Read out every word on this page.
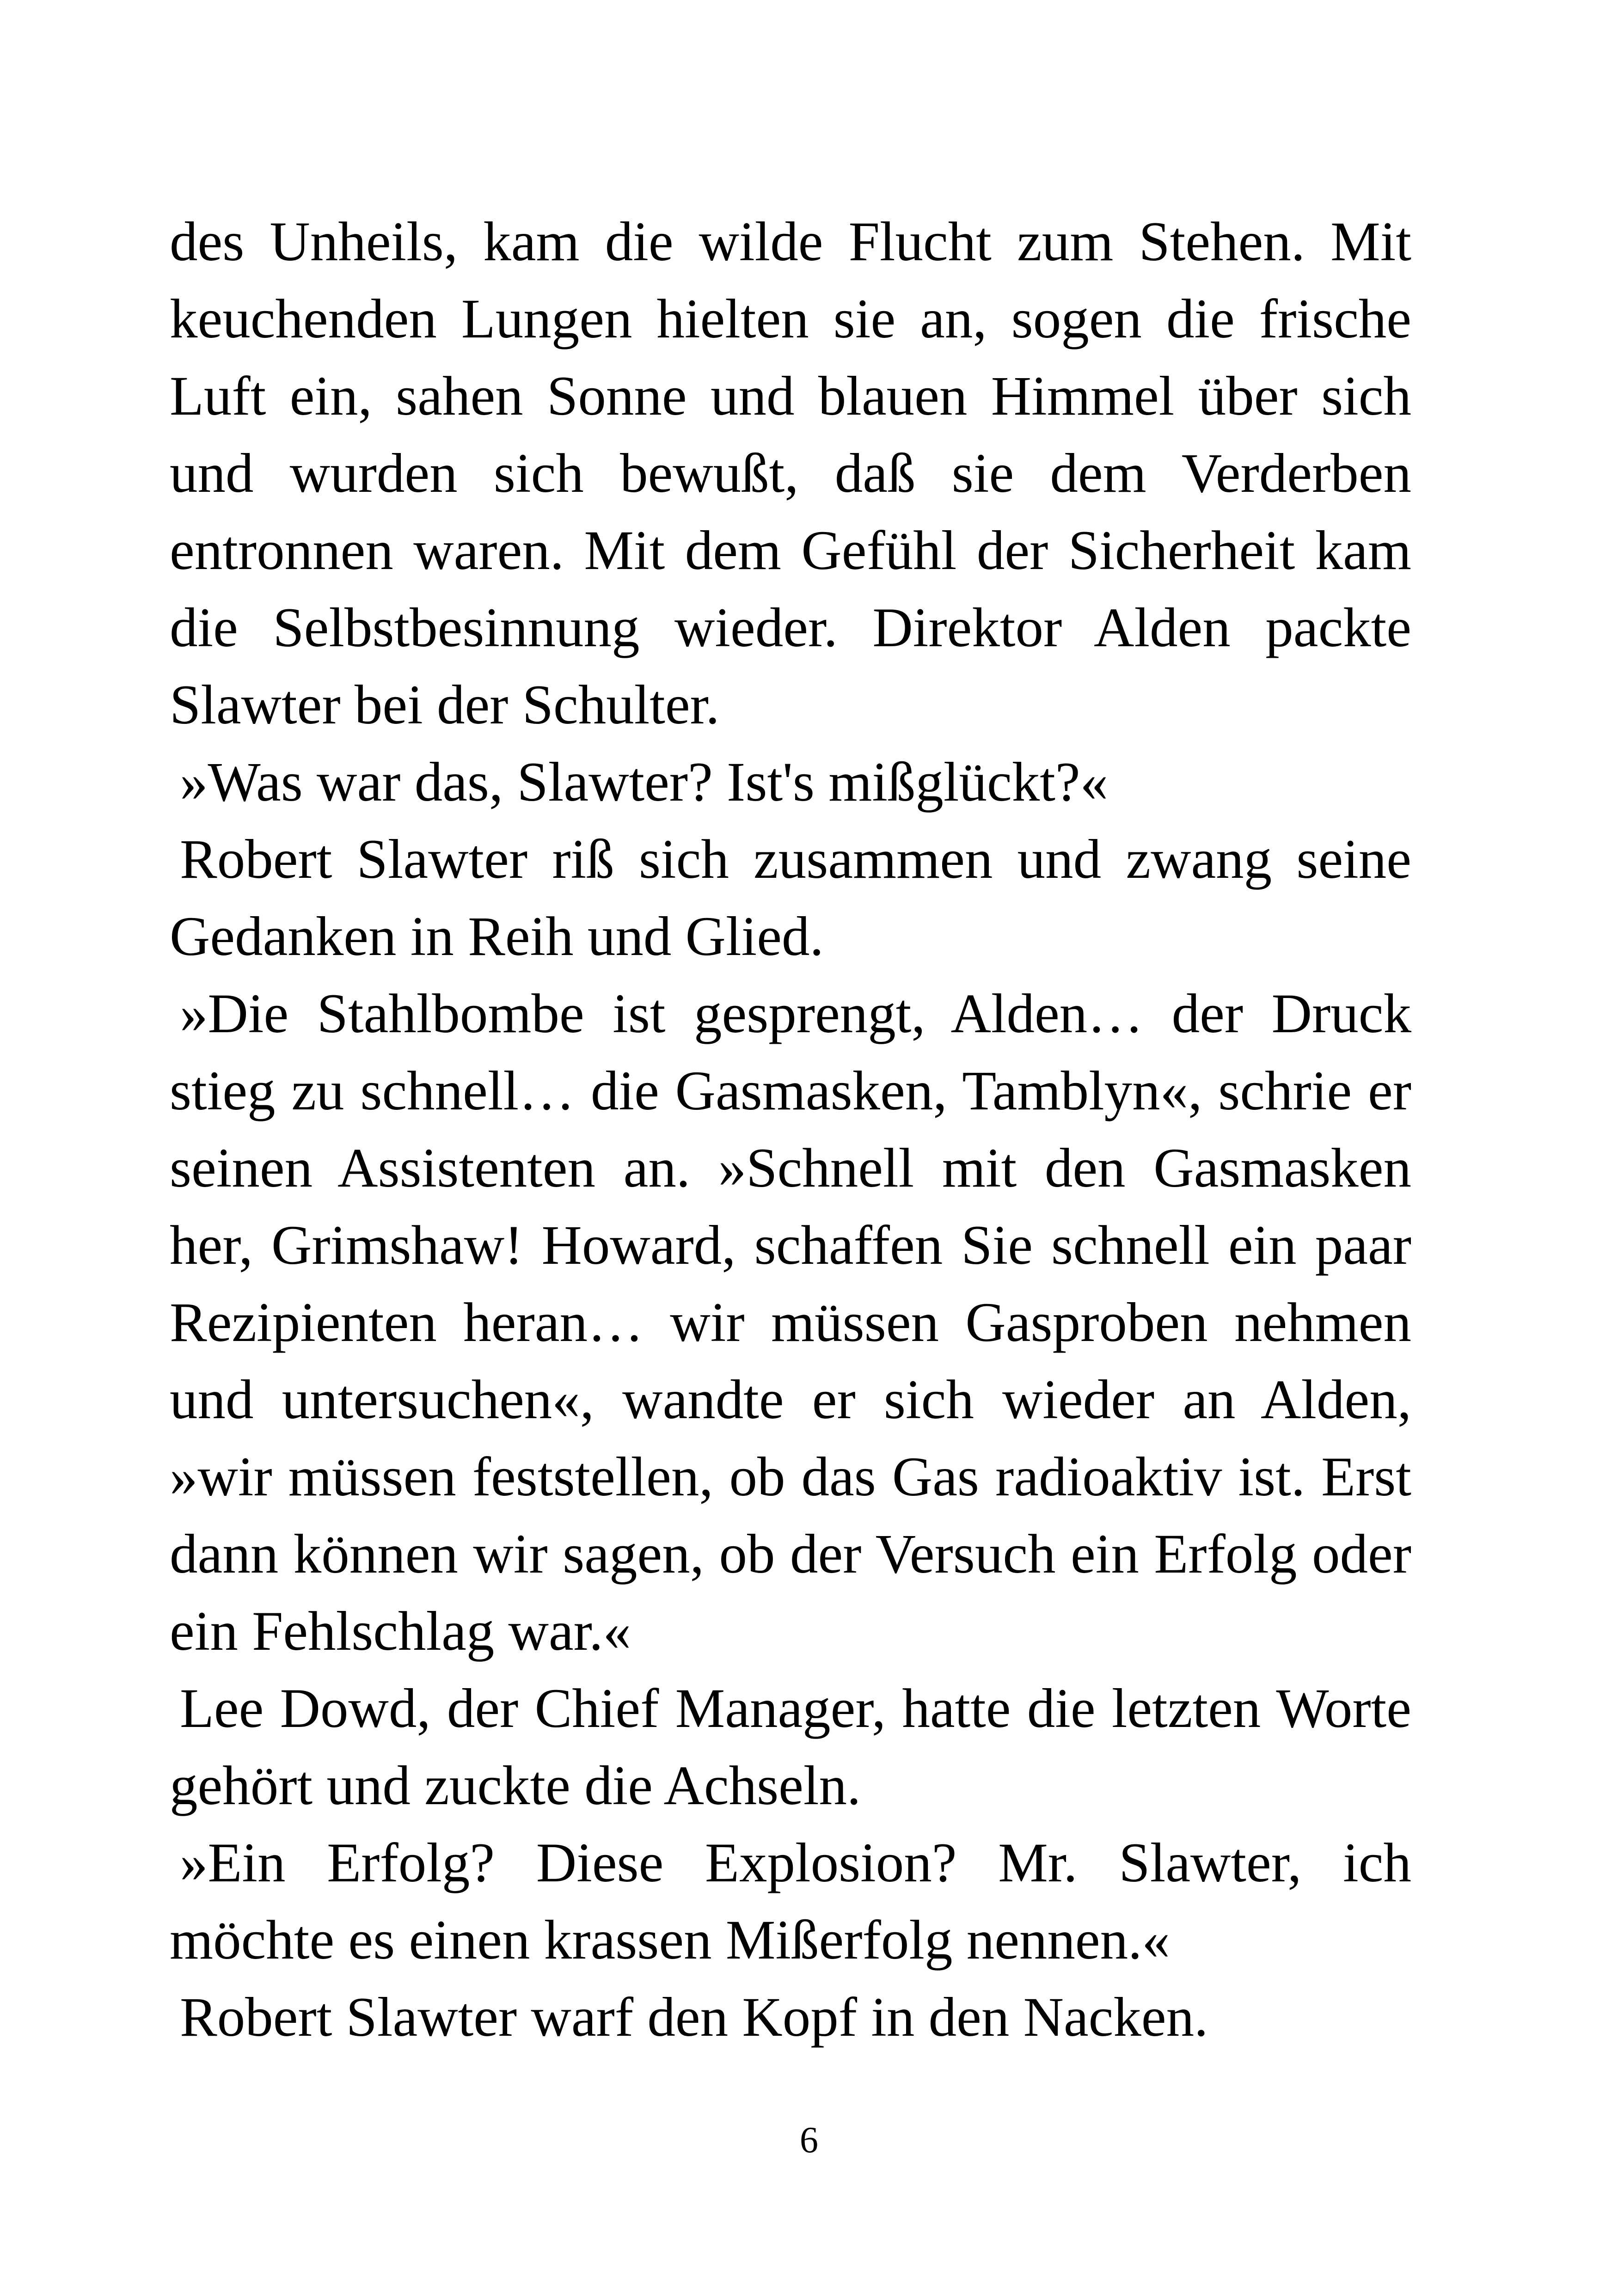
des Unheils, kam die wilde Flucht zum Stehen. Mit keuchenden Lungen hielten sie an, sogen die frische Luft ein, sahen Sonne und blauen Himmel über sich und wurden sich bewußt, daß sie dem Verderben entronnen waren. Mit dem Gefühl der Sicherheit kam die Selbstbesinnung wieder. Direktor Alden packte Slawter bei der Schulter.

»Was war das, Slawter? Ist's mißglückt?«

Robert Slawter riß sich zusammen und zwang seine Gedanken in Reih und Glied.

»Die Stahlbombe ist gesprengt, Alden… der Druck stieg zu schnell… die Gasmasken, Tamblyn«, schrie er seinen Assistenten an. »Schnell mit den Gasmasken her, Grimshaw! Howard, schaffen Sie schnell ein paar Rezipienten heran… wir müssen Gasproben nehmen und untersuchen«, wandte er sich wieder an Alden, »wir müssen feststellen, ob das Gas radioaktiv ist. Erst dann können wir sagen, ob der Versuch ein Erfolg oder ein Fehlschlag war.«

Lee Dowd, der Chief Manager, hatte die letzten Worte gehört und zuckte die Achseln.

»Ein Erfolg? Diese Explosion? Mr. Slawter, ich möchte es einen krassen Mißerfolg nennen.«

Robert Slawter warf den Kopf in den Nacken.

6
